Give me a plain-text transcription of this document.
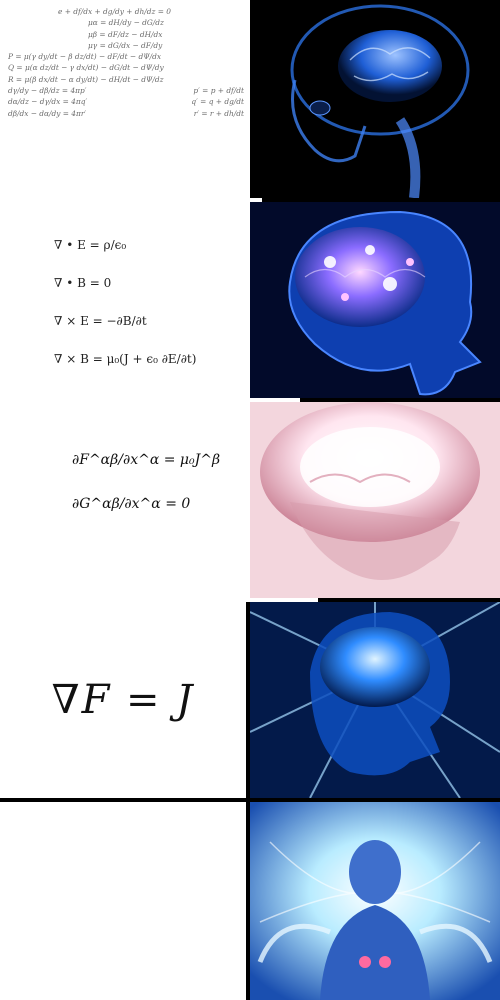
e + df/dx + dg/dy + dh/dz = 0
μα = dH/dy − dG/dz
μβ = dF/dz − dH/dx
μγ = dG/dx − dF/dy
P = μ(γ dy/dt − β dz/dt) − dF/dt − dΨ/dx
Q = μ(α dz/dt − γ dx/dt) − dG/dt − dΨ/dy
R = μ(β dx/dt − α dy/dt) − dH/dt − dΨ/dz
dγ/dy − dβ/dz = 4πp′	p′ = p + df/dt
dα/dz − dγ/dx = 4πq′	q′ = q + dg/dt
dβ/dx − dα/dy = 4πr′	r′ = r + dh/dt
∇ • E = ρ/ϵ₀
∇ • B = 0
∇ × E = −∂B/∂t
∇ × B = μ₀(J + ϵ₀ ∂E/∂t)
∂F^αβ/∂x^α = μ₀J^β
∂G^αβ/∂x^α = 0
∇F = J
